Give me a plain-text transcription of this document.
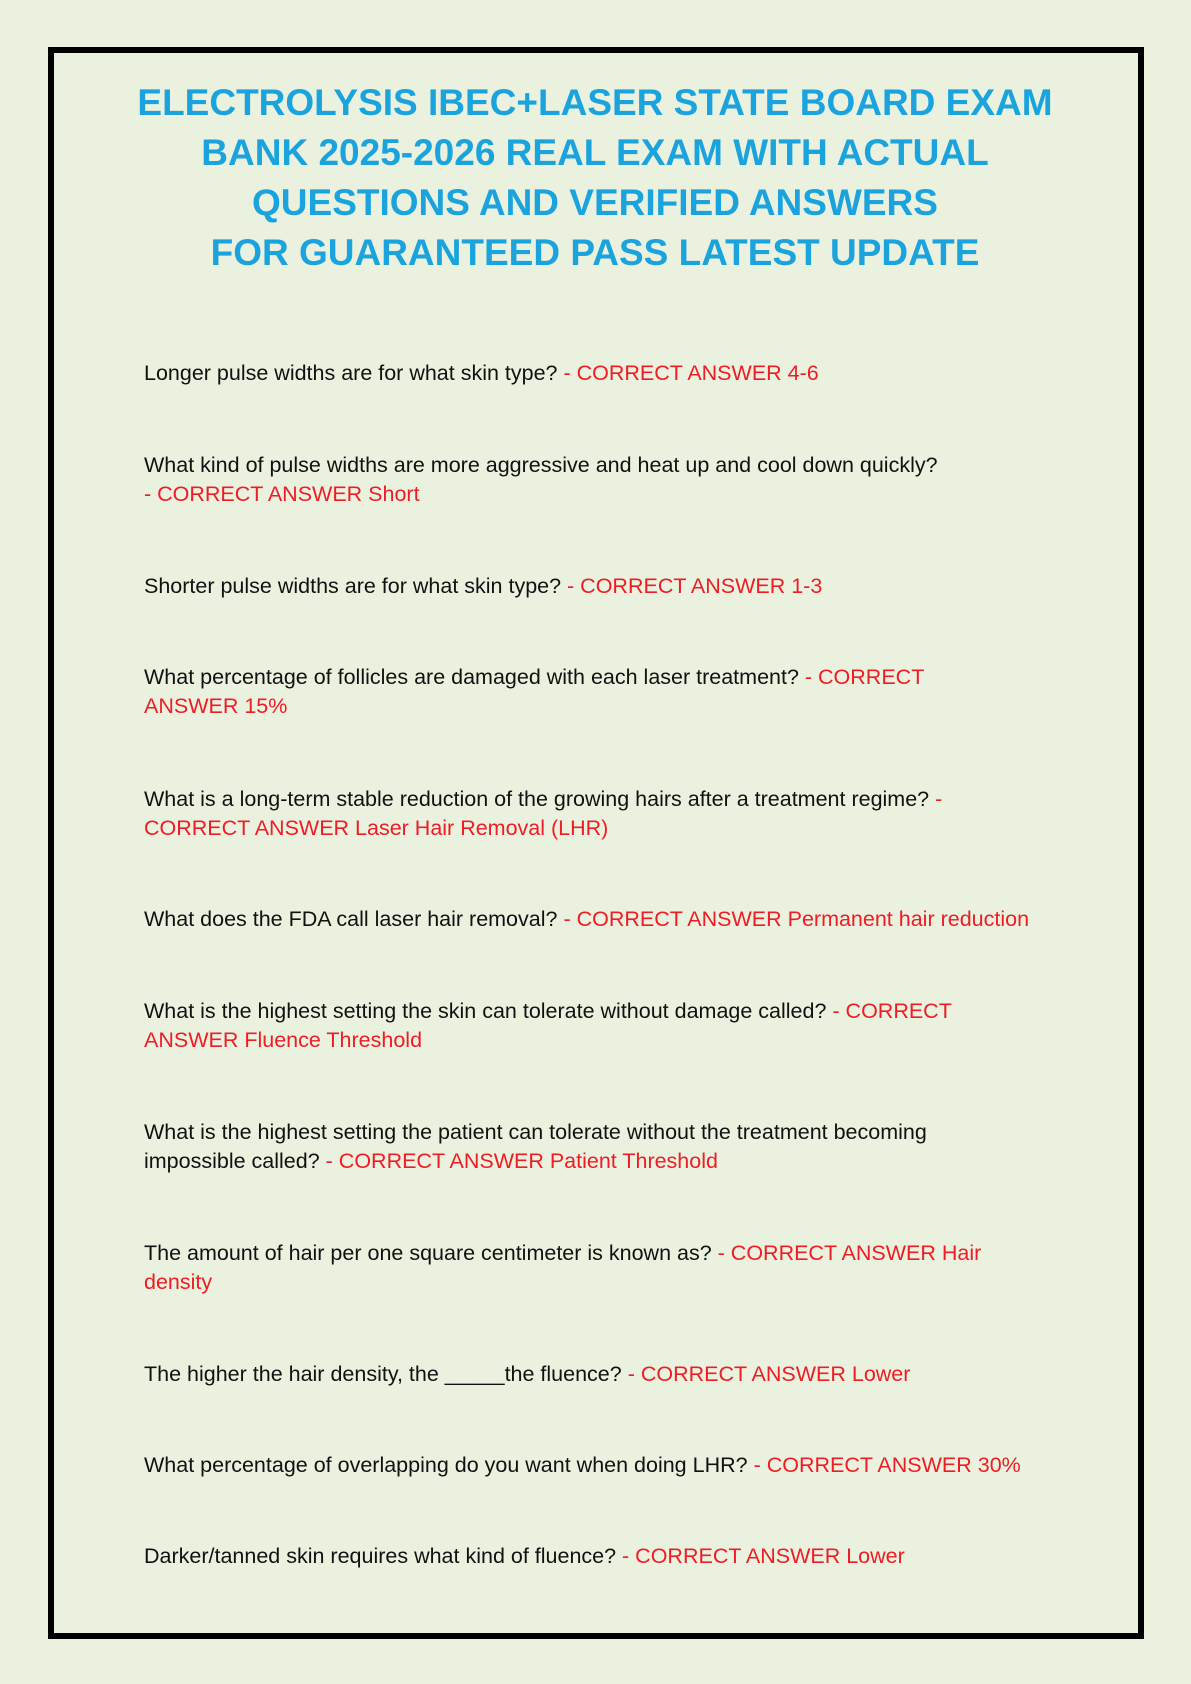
ELECTROLYSIS IBEC+LASER STATE BOARD EXAM
BANK 2025-2026 REAL EXAM WITH ACTUAL
QUESTIONS AND VERIFIED ANSWERS
FOR GUARANTEED PASS LATEST UPDATE

Longer pulse widths are for what skin type? - CORRECT ANSWER 4-6

What kind of pulse widths are more aggressive and heat up and cool down quickly?
- CORRECT ANSWER Short

Shorter pulse widths are for what skin type? - CORRECT ANSWER 1-3

What percentage of follicles are damaged with each laser treatment? - CORRECT
ANSWER 15%

What is a long-term stable reduction of the growing hairs after a treatment regime? -
CORRECT ANSWER Laser Hair Removal (LHR)

What does the FDA call laser hair removal? - CORRECT ANSWER Permanent hair reduction

What is the highest setting the skin can tolerate without damage called? - CORRECT
ANSWER Fluence Threshold

What is the highest setting the patient can tolerate without the treatment becoming
impossible called? - CORRECT ANSWER Patient Threshold

The amount of hair per one square centimeter is known as? - CORRECT ANSWER Hair
density

The higher the hair density, the _____the fluence? - CORRECT ANSWER Lower

What percentage of overlapping do you want when doing LHR? - CORRECT ANSWER 30%

Darker/tanned skin requires what kind of fluence? - CORRECT ANSWER Lower
